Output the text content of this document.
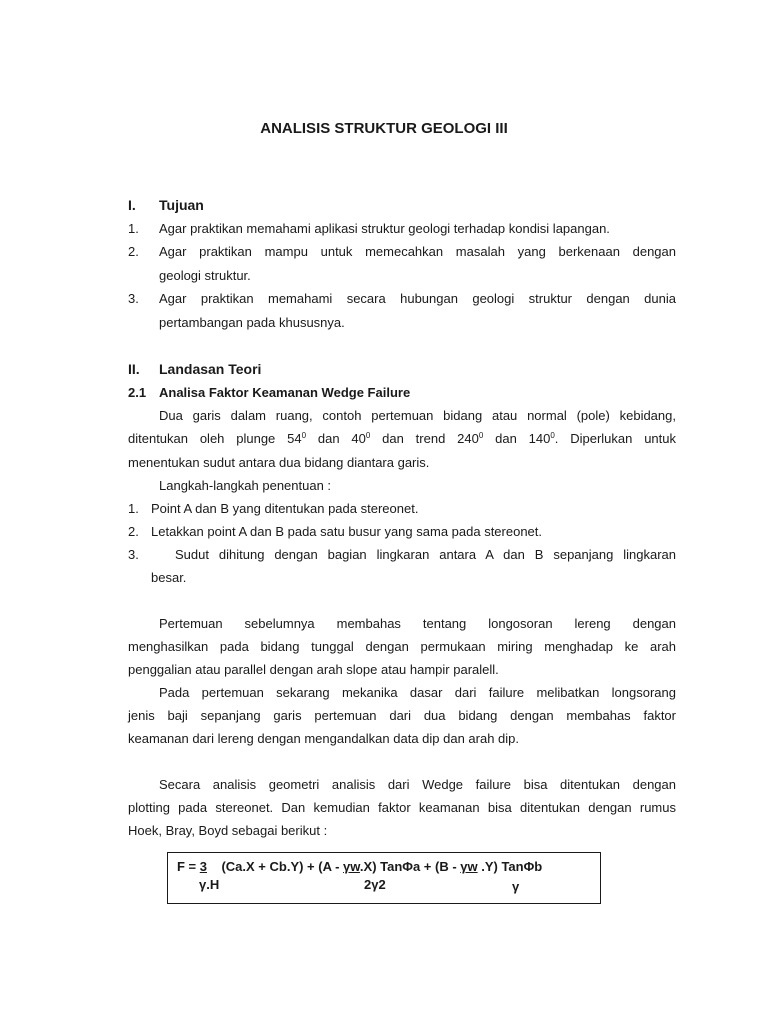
ANALISIS STRUKTUR GEOLOGI III
I. Tujuan
1. Agar praktikan memahami aplikasi struktur geologi terhadap kondisi lapangan.
2. Agar praktikan mampu untuk memecahkan masalah yang berkenaan dengan
geologi struktur.
3. Agar praktikan memahami secara hubungan geologi struktur dengan dunia
pertambangan pada khususnya.
II. Landasan Teori
2.1 Analisa Faktor Keamanan Wedge Failure
Dua garis dalam ruang, contoh pertemuan bidang atau normal (pole) kebidang,
ditentukan oleh plunge $54^0$ dan $40^0$ dan trend $240^0$ dan $140^0$. Diperlukan untuk
menentukan sudut antara dua bidang diantara garis.
Langkah-langkah penentuan :
1. Point A dan B yang ditentukan pada stereonet.
2. Letakkan point A dan B pada satu busur yang sama pada stereonet.
3.	Sudut dihitung dengan bagian lingkaran antara A dan B sepanjang lingkaran
besar.
Pertemuan sebelumnya membahas tentang longosoran lereng dengan
menghasilkan pada bidang tunggal dengan permukaan miring menghadap ke arah
penggalian atau parallel dengan arah slope atau hampir paralell.
Pada pertemuan sekarang mekanika dasar dari failure melibatkan longsorang
jenis baji sepanjang garis pertemuan dari dua bidang dengan membahas faktor
keamanan dari lereng dengan mengandalkan data dip dan arah dip.
Secara analisis geometri analisis dari Wedge failure bisa ditentukan dengan
plotting pada stereonet. Dan kemudian faktor keamanan bisa ditentukan dengan rumus
Hoek, Bray, Boyd sebagai berikut :
F = 3 (Ca.X + Cb.Y) + (A - γw.X) TanΦa + (B - γw .Y) TanΦb
γ.H	2γ2	γ
